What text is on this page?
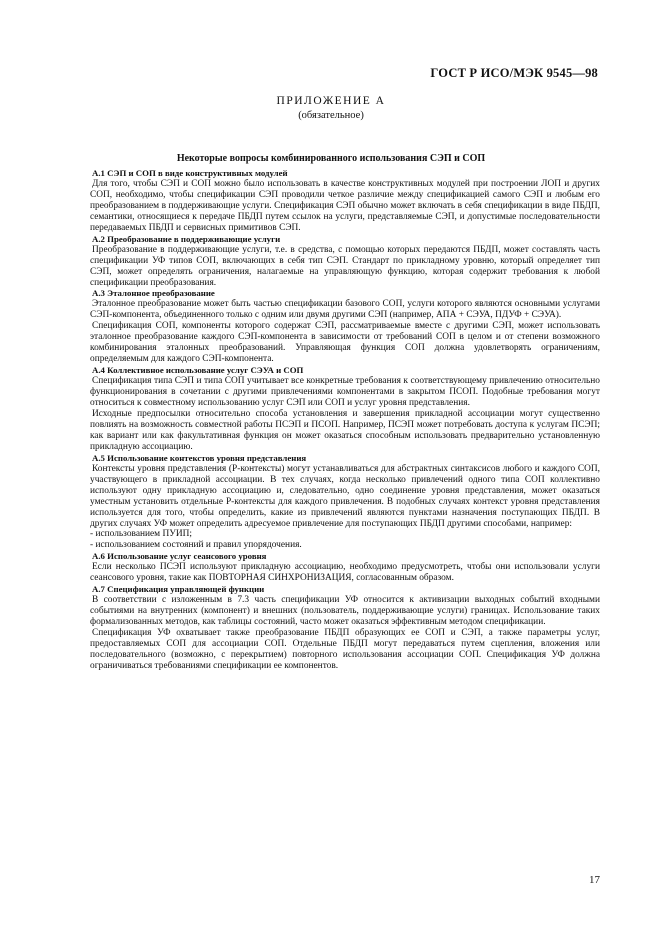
ГОСТ Р ИСО/МЭК 9545—98
ПРИЛОЖЕНИЕ А
(обязательное)
Некоторые вопросы комбинированного использования СЭП и СОП
А.1 СЭП и СОП в виде конструктивных модулей
Для того, чтобы СЭП и СОП можно было использовать в качестве конструктивных модулей при построении ЛОП и других СОП, необходимо, чтобы спецификации СЭП проводили четкое различие между спецификацией самого СЭП и любым его преобразованием в поддерживающие услуги. Спецификация СЭП обычно может включать в себя спецификации в виде ПБДП, семантики, относящиеся к передаче ПБДП путем ссылок на услуги, представляемые СЭП, и допустимые последовательности передаваемых ПБДП и сервисных примитивов СЭП.
А.2 Преобразование в поддерживающие услуги
Преобразование в поддерживающие услуги, т.е. в средства, с помощью которых передаются ПБДП, может составлять часть спецификации УФ типов СОП, включающих в себя тип СЭП. Стандарт по прикладному уровню, который определяет тип СЭП, может определять ограничения, налагаемые на управляющую функцию, которая содержит требования к любой спецификации преобразования.
А.3 Эталонное преобразование
Эталонное преобразование может быть частью спецификации базового СОП, услуги которого являются основными услугами СЭП-компонента, объединенного только с одним или двумя другими СЭП (например, АПА + СЭУА, ПДУФ + СЭУА).
Спецификация СОП, компоненты которого содержат СЭП, рассматриваемые вместе с другими СЭП, может использовать эталонное преобразование каждого СЭП-компонента в зависимости от требований СОП в целом и от степени возможного комбинирования эталонных преобразований. Управляющая функция СОП должна удовлетворять ограничениям, определяемым для каждого СЭП-компонента.
А.4 Коллективное использование услуг СЭУА и СОП
Спецификация типа СЭП и типа СОП учитывает все конкретные требования к соответствующему привлечению относительно функционирования в сочетании с другими привлечениями компонентами в закрытом ПСОП. Подобные требования могут относиться к совместному использованию услуг СЭП или СОП и услуг уровня представления.
Исходные предпосылки относительно способа установления и завершения прикладной ассоциации могут существенно повлиять на возможность совместной работы ПСЭП и ПСОП. Например, ПСЭП может потребовать доступа к услугам ПСЭП; как вариант или как факультативная функция он может оказаться способным использовать предварительно установленную прикладную ассоциацию.
А.5 Использование контекстов уровня представления
Контексты уровня представления (Р-контексты) могут устанавливаться для абстрактных синтаксисов любого и каждого СОП, участвующего в прикладной ассоциации. В тех случаях, когда несколько привлечений одного типа СОП коллективно используют одну прикладную ассоциацию и, следовательно, одно соединение уровня представления, может оказаться уместным установить отдельные Р-контексты для каждого привлечения. В подобных случаях контекст уровня представления используется для того, чтобы определить, какие из привлечений являются пунктами назначения поступающих ПБДП. В других случаях УФ может определить адресуемое привлечение для поступающих ПБДП другими способами, например:
- использованием ПУИП;
- использованием состояний и правил упорядочения.
А.6 Использование услуг сеансового уровня
Если несколько ПСЭП используют прикладную ассоциацию, необходимо предусмотреть, чтобы они использовали услуги сеансового уровня, такие как ПОВТОРНАЯ СИНХРОНИЗАЦИЯ, согласованным образом.
А.7 Спецификация управляющей функции
В соответствии с изложенным в 7.3 часть спецификации УФ относится к активизации выходных событий входными событиями на внутренних (компонент) и внешних (пользователь, поддерживающие услуги) границах. Использование таких формализованных методов, как таблицы состояний, часто может оказаться эффективным методом спецификации.
Спецификация УФ охватывает также преобразование ПБДП образующих ее СОП и СЭП, а также параметры услуг, предоставляемых СОП для ассоциации СОП. Отдельные ПБДП могут передаваться путем сцепления, вложения или последовательного (возможно, с перекрытием) повторного использования ассоциации СОП. Спецификация УФ должна ограничиваться требованиями спецификации ее компонентов.
17
